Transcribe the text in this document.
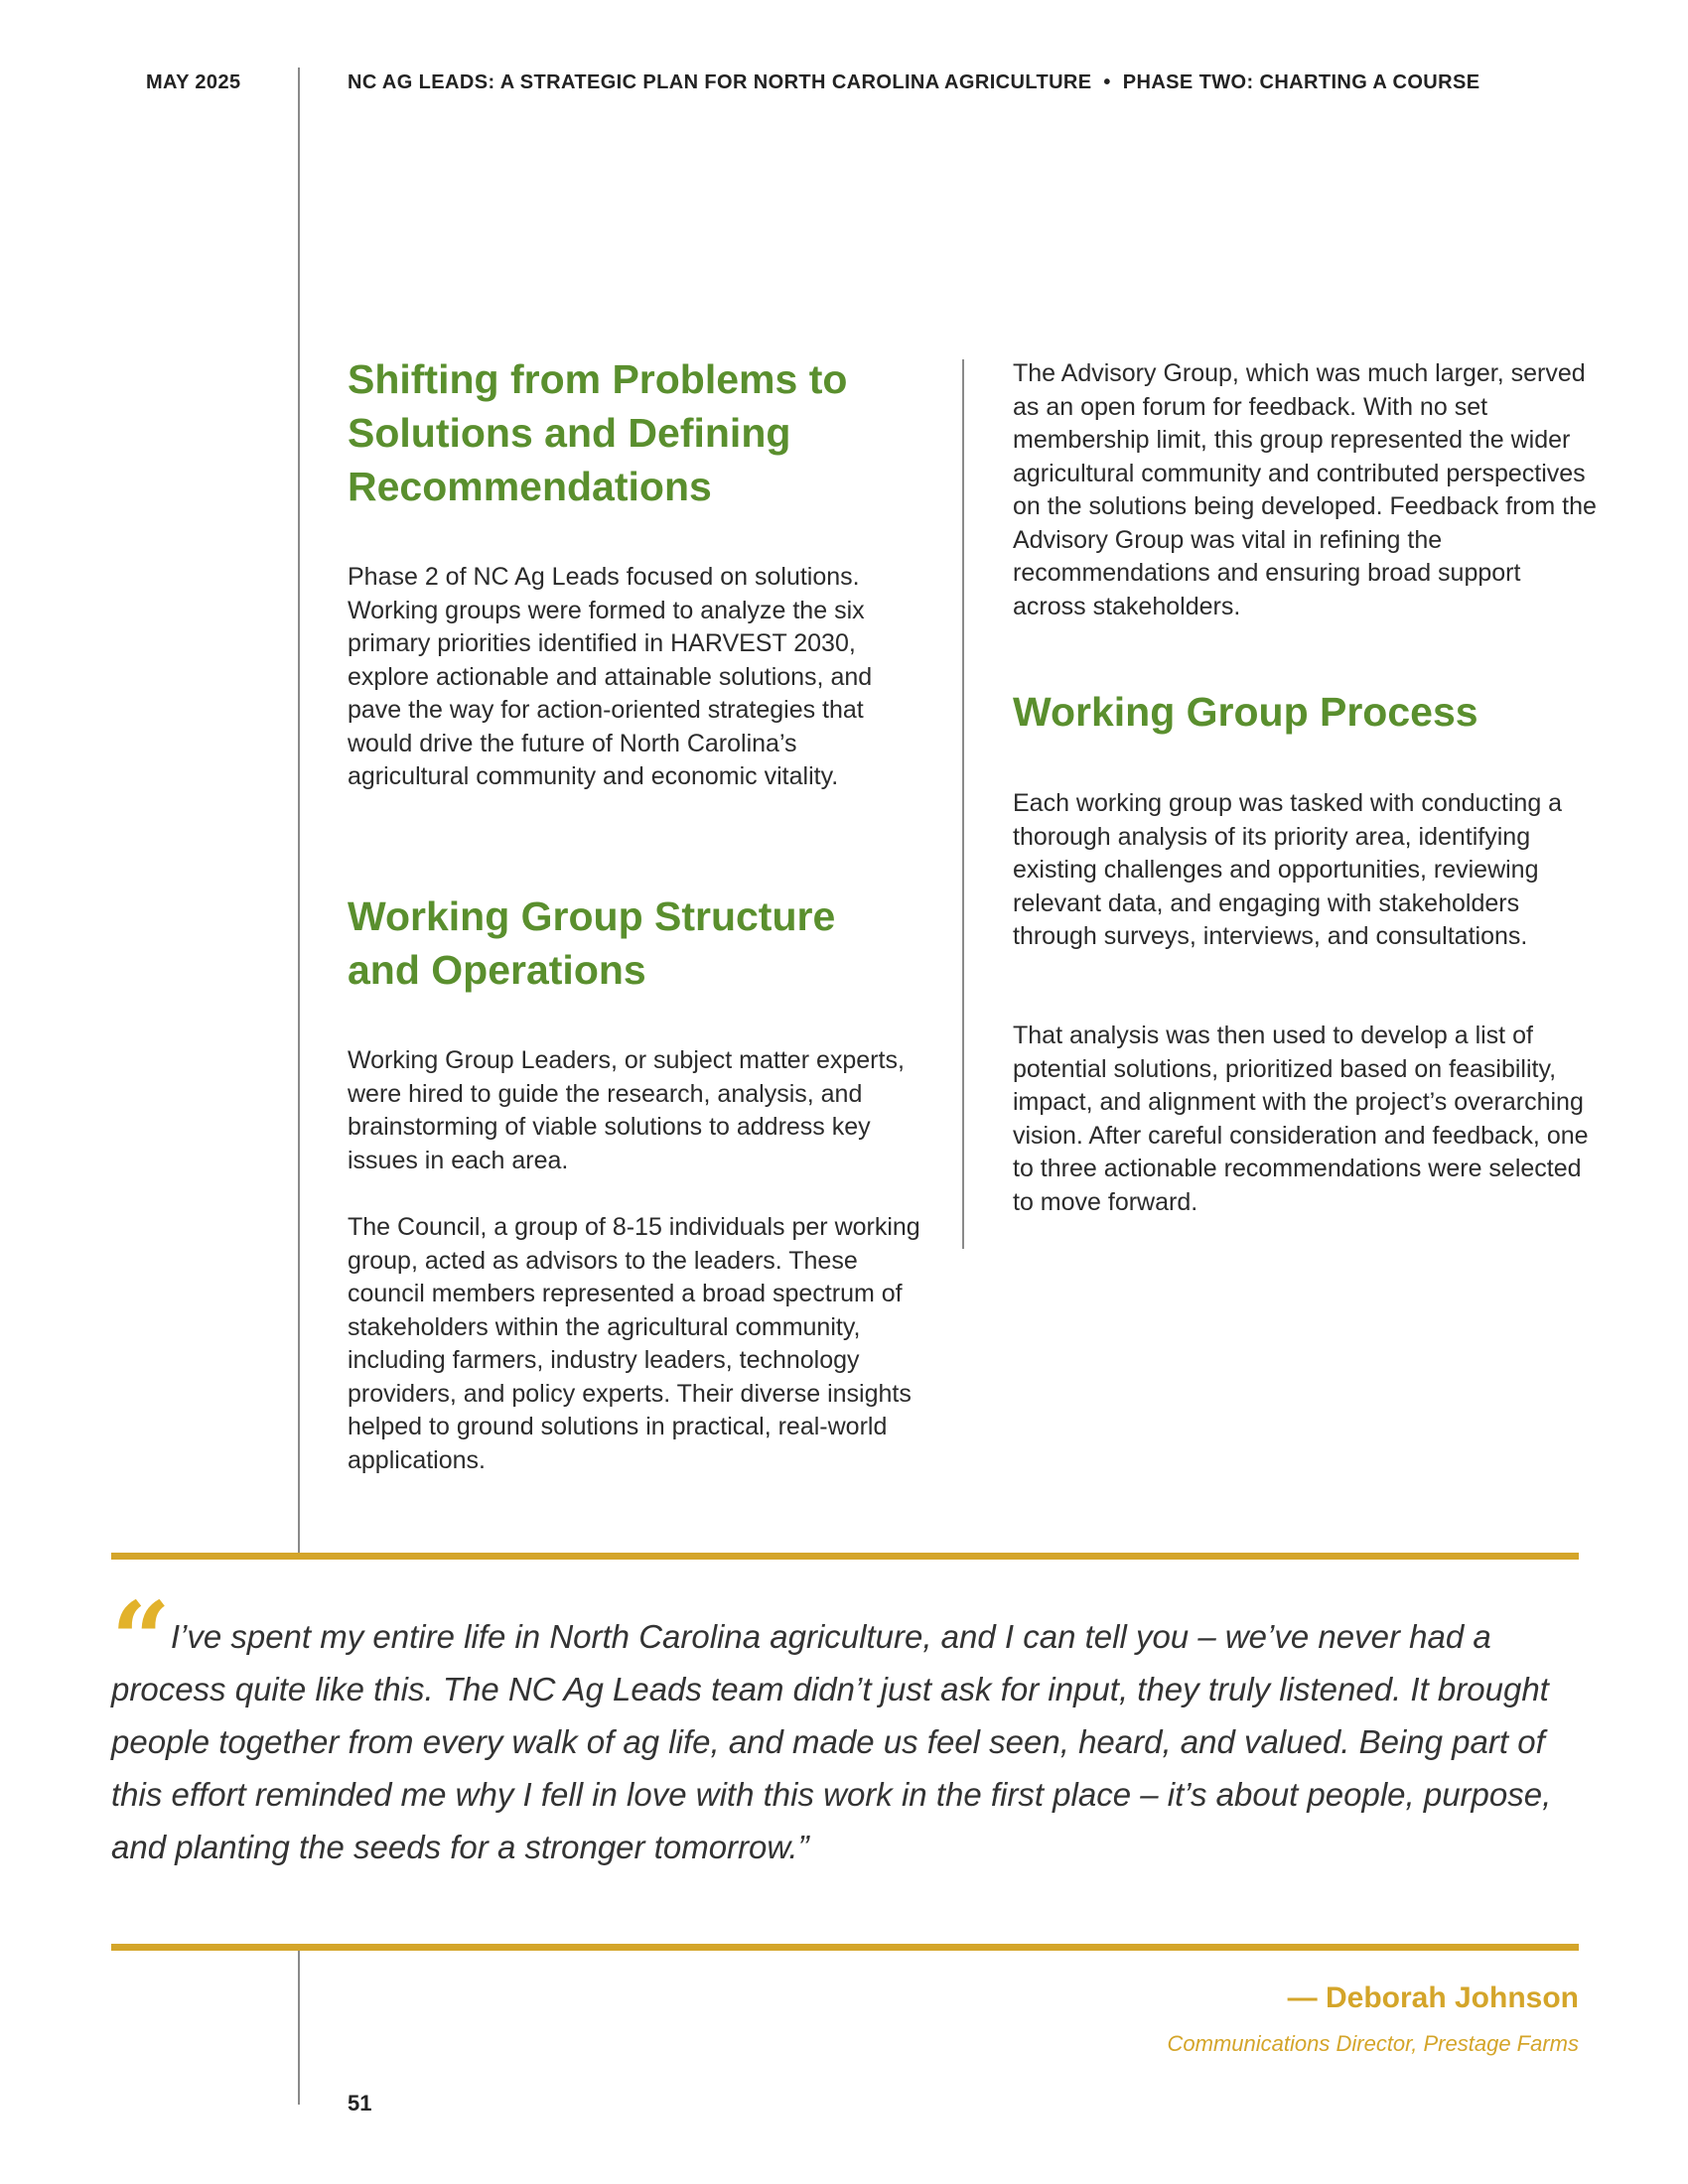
MAY 2025	NC AG LEADS: A STRATEGIC PLAN FOR NORTH CAROLINA AGRICULTURE  •  PHASE TWO: CHARTING A COURSE
Shifting from Problems to Solutions and Defining Recommendations

Phase 2 of NC Ag Leads focused on solutions. Working groups were formed to analyze the six primary priorities identified in HARVEST 2030, explore actionable and attainable solutions, and pave the way for action-oriented strategies that would drive the future of North Carolina’s agricultural community and economic vitality.

Working Group Structure and Operations

Working Group Leaders, or subject matter experts, were hired to guide the research, analysis, and brainstorming of viable solutions to address key issues in each area.

The Council, a group of 8-15 individuals per working group, acted as advisors to the leaders. These council members represented a broad spectrum of stakeholders within the agricultural community, including farmers, industry leaders, technology providers, and policy experts. Their diverse insights helped to ground solutions in practical, real-world applications.

The Advisory Group, which was much larger, served as an open forum for feedback. With no set membership limit, this group represented the wider agricultural community and contributed perspectives on the solutions being developed. Feedback from the Advisory Group was vital in refining the recommendations and ensuring broad support across stakeholders.

Working Group Process

Each working group was tasked with conducting a thorough analysis of its priority area, identifying existing challenges and opportunities, reviewing relevant data, and engaging with stakeholders through surveys, interviews, and consultations.

That analysis was then used to develop a list of potential solutions, prioritized based on feasibility, impact, and alignment with the project’s overarching vision. After careful consideration and feedback, one to three actionable recommendations were selected to move forward.

“ I’ve spent my entire life in North Carolina agriculture, and I can tell you – we’ve never had a process quite like this. The NC Ag Leads team didn’t just ask for input, they truly listened. It brought people together from every walk of ag life, and made us feel seen, heard, and valued. Being part of this effort reminded me why I fell in love with this work in the first place – it’s about people, purpose, and planting the seeds for a stronger tomorrow.”
— Deborah Johnson
Communications Director, Prestage Farms
51
